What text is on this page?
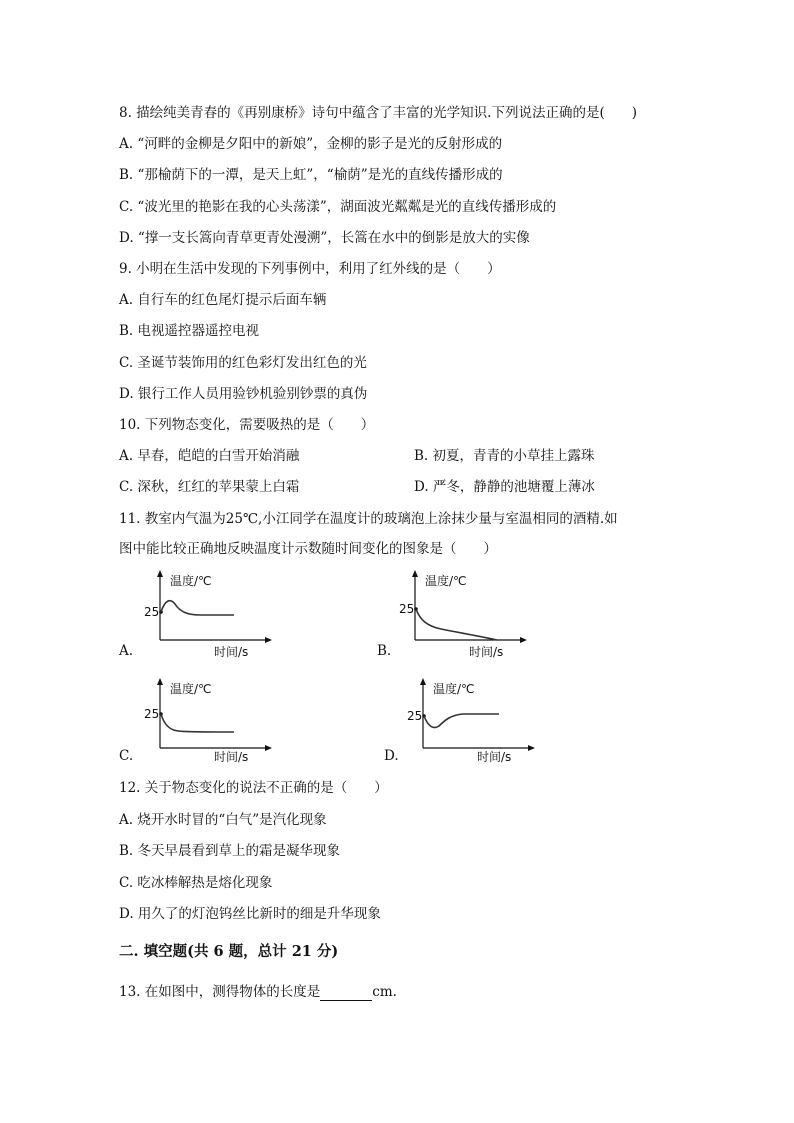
8. 描绘纯美青春的《再别康桥》诗句中蕴含了丰富的光学知识.下列说法正确的是(　　)
A. “河畔的金柳是夕阳中的新娘”，金柳的影子是光的反射形成的
B. “那榆荫下的一潭，是天上虹”，“榆荫”是光的直线传播形成的
C. “波光里的艳影在我的心头荡漾”，湖面波光粼粼是光的直线传播形成的
D. “撑一支长篙向青草更青处漫溯”，长篙在水中的倒影是放大的实像
9. 小明在生活中发现的下列事例中，利用了红外线的是（　　）
A. 自行车的红色尾灯提示后面车辆
B. 电视遥控器遥控电视
C. 圣诞节装饰用的红色彩灯发出红色的光
D. 银行工作人员用验钞机验别钞票的真伪
10. 下列物态变化，需要吸热的是（　　）
A. 早春，皑皑的白雪开始消融	B. 初夏，青青的小草挂上露珠
C. 深秋，红红的苹果蒙上白霜	D. 严冬，静静的池塘覆上薄冰
11. 教室内气温为25℃,小江同学在温度计的玻璃泡上涂抹少量与室温相同的酒精.如
图中能比较正确地反映温度计示数随时间变化的图象是（　　）
温度/℃
25
时间/s
A.
温度/℃
25
时间/s
B.
温度/℃
25
时间/s
C.
温度/℃
25
时间/s
D.
12. 关于物态变化的说法不正确的是（　　）
A. 烧开水时冒的“白气”是汽化现象
B. 冬天早晨看到草上的霜是凝华现象
C. 吃冰棒解热是熔化现象
D. 用久了的灯泡钨丝比新时的细是升华现象
二. 填空题(共 6 题，总计 21 分)
13. 在如图中，测得物体的长度是	cm.
